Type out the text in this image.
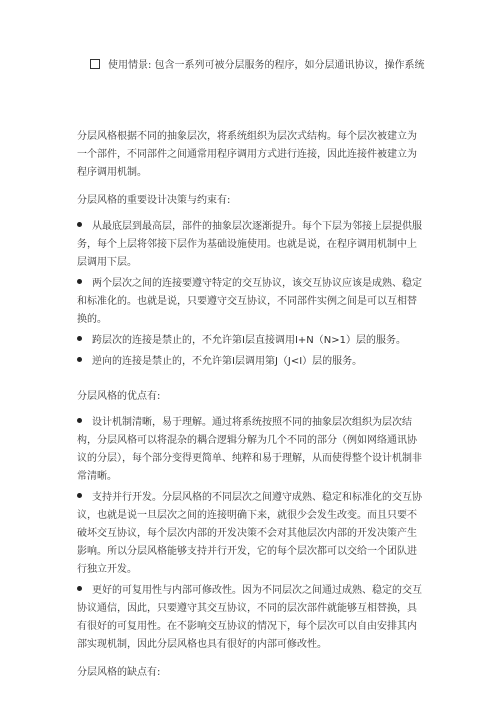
使用情景: 包含一系列可被分层服务的程序，如分层通讯协议，操作系统

分层风格根据不同的抽象层次，将系统组织为层次式结构。每个层次被建立为一个部件，不同部件之间通常用程序调用方式进行连接，因此连接件被建立为程序调用机制。

分层风格的重要设计决策与约束有:

从最底层到最高层，部件的抽象层次逐渐提升。每个下层为邻接上层提供服务，每个上层将邻接下层作为基础设施使用。也就是说，在程序调用机制中上层调用下层。
两个层次之间的连接要遵守特定的交互协议，该交互协议应该是成熟、稳定和标准化的。也就是说，只要遵守交互协议，不同部件实例之间是可以互相替换的。
跨层次的连接是禁止的，不允许第I层直接调用I+N（N>1）层的服务。
逆向的连接是禁止的，不允许第I层调用第J（J<I）层的服务。

分层风格的优点有:

设计机制清晰，易于理解。通过将系统按照不同的抽象层次组织为层次结构，分层风格可以将混杂的耦合逻辑分解为几个不同的部分（例如网络通讯协议的分层），每个部分变得更简单、纯粹和易于理解，从而使得整个设计机制非常清晰。
支持并行开发。分层风格的不同层次之间遵守成熟、稳定和标准化的交互协议，也就是说一旦层次之间的连接明确下来，就很少会发生改变。而且只要不破坏交互协议，每个层次内部的开发决策不会对其他层次内部的开发决策产生影响。所以分层风格能够支持并行开发，它的每个层次都可以交给一个团队进行独立开发。
更好的可复用性与内部可修改性。因为不同层次之间通过成熟、稳定的交互协议通信，因此，只要遵守其交互协议，不同的层次部件就能够互相替换，具有很好的可复用性。在不影响交互协议的情况下，每个层次可以自由安排其内部实现机制，因此分层风格也具有很好的内部可修改性。

分层风格的缺点有:
